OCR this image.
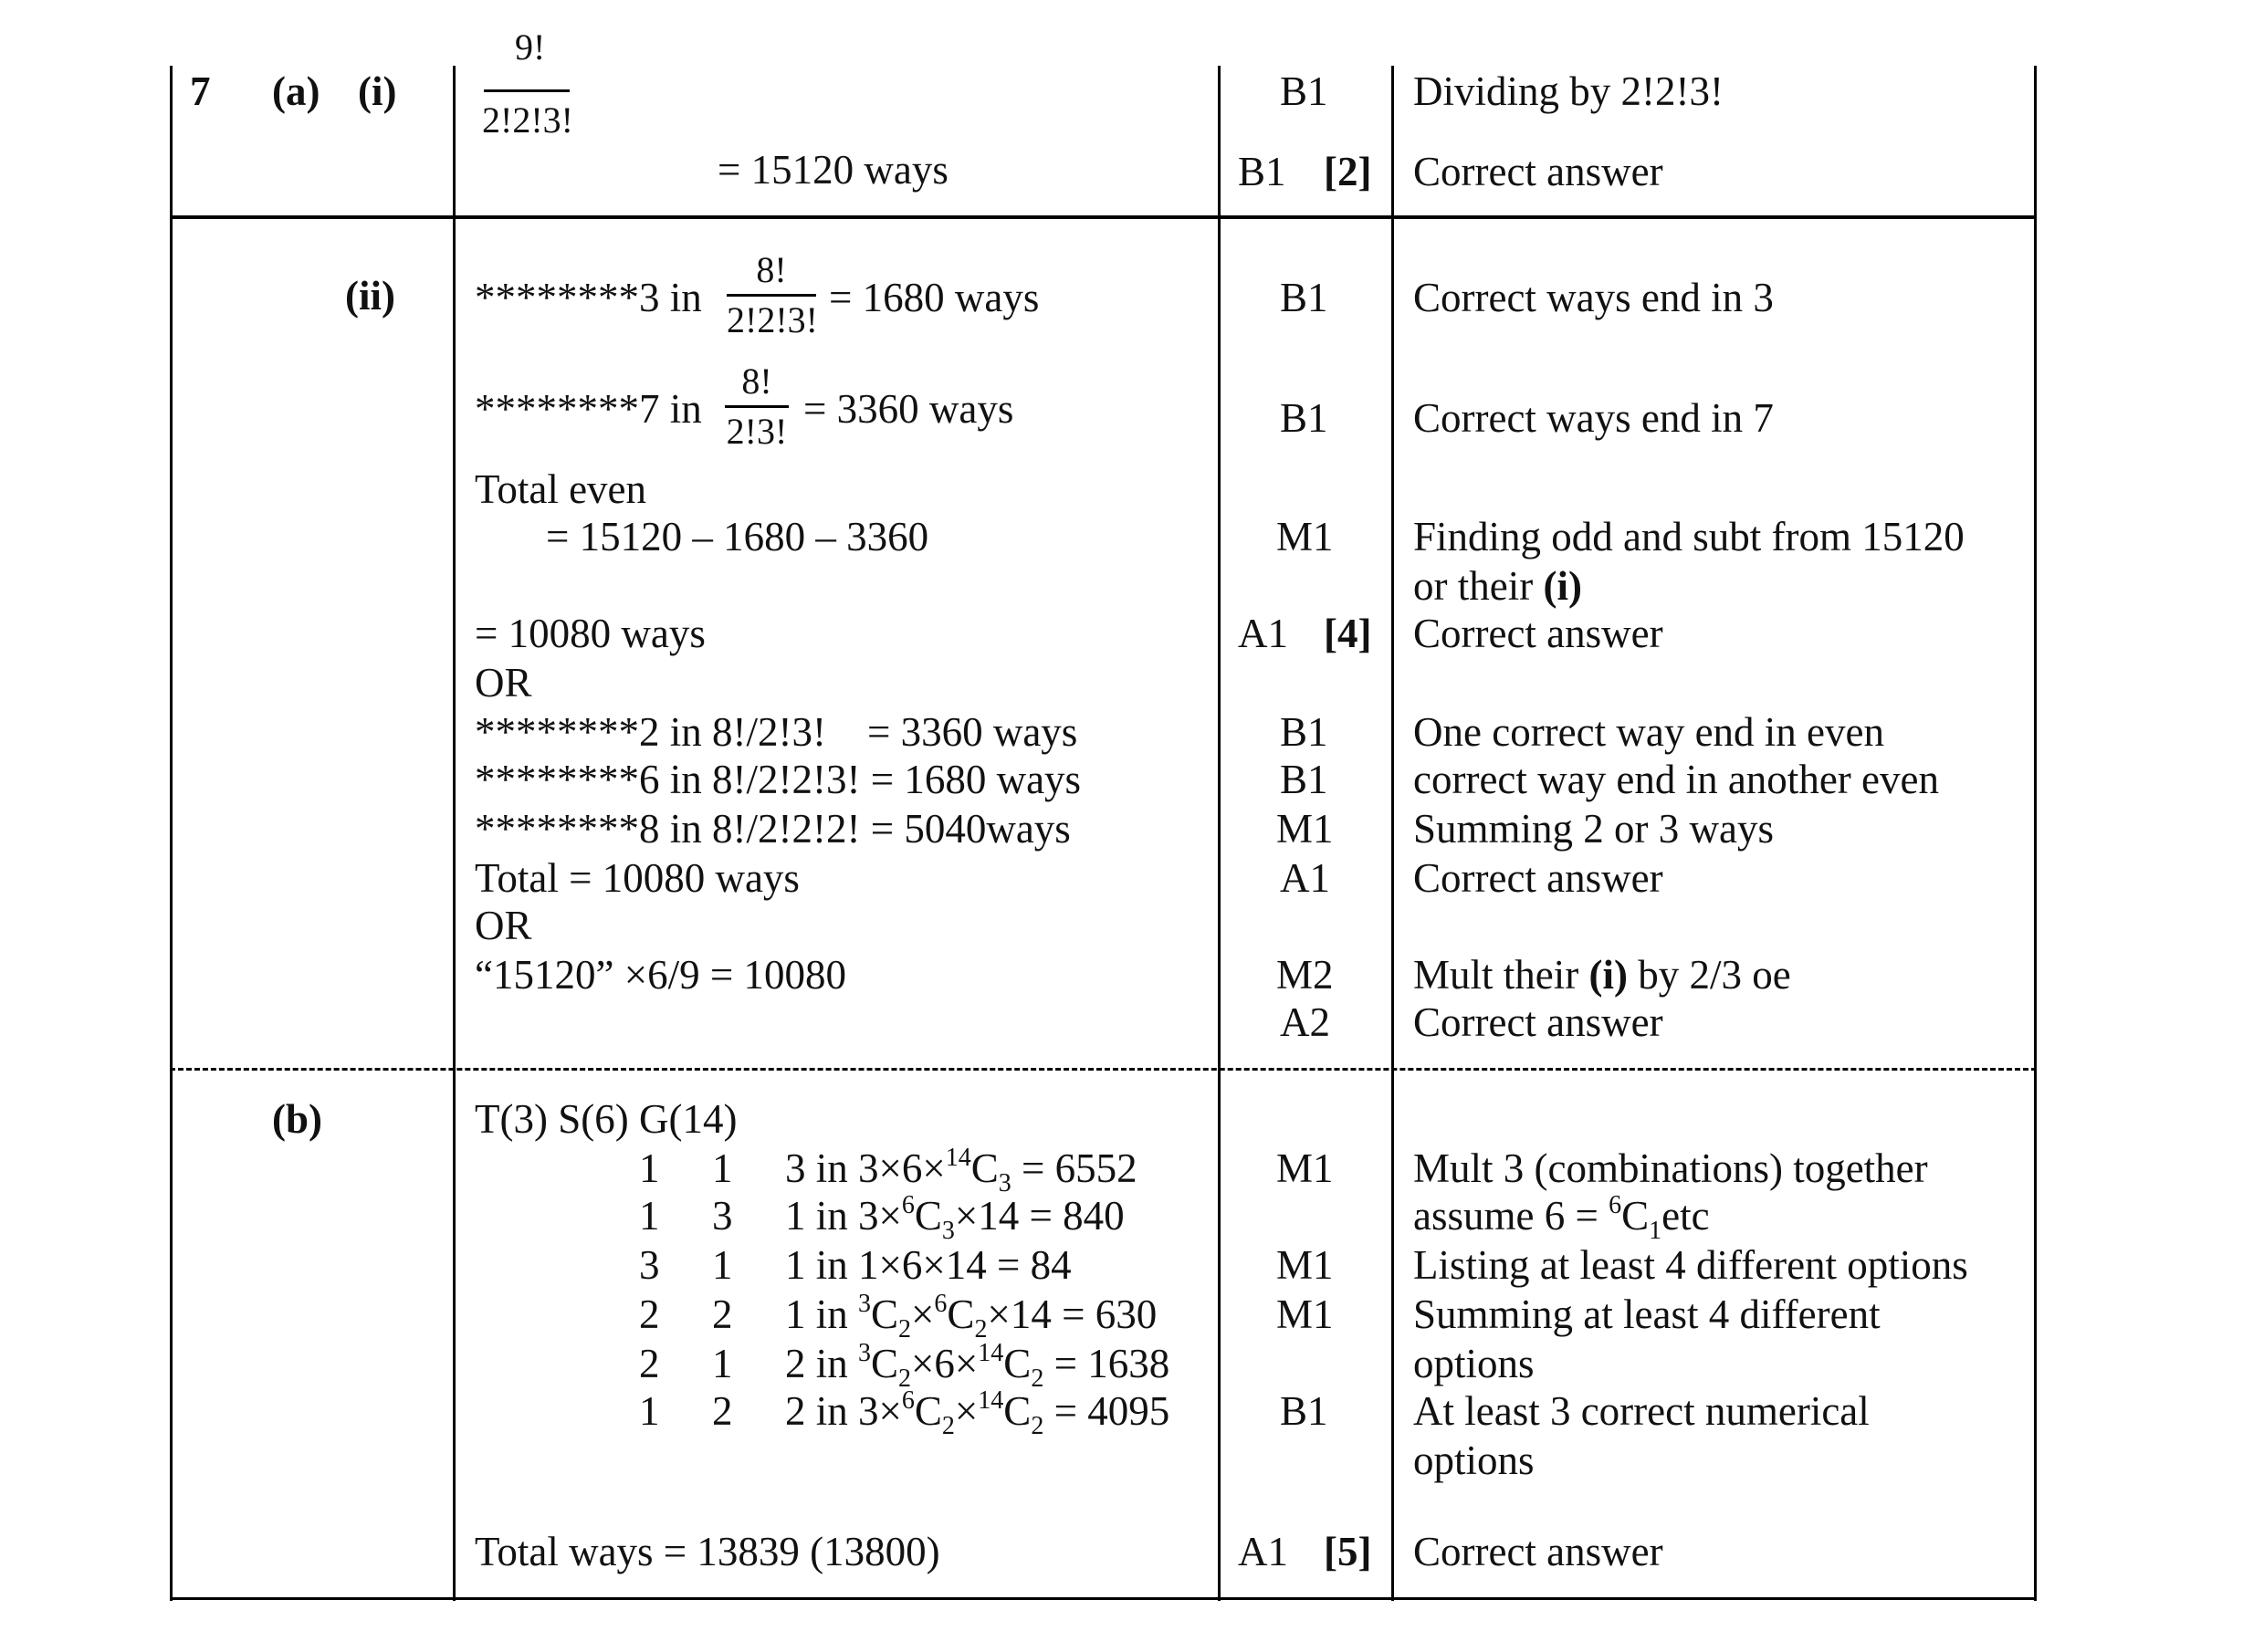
7 (a) (i)
(ii)
(b)
9!
2!2!3!
= 15120 ways
B1 Dividing by 2!2!3!
B1 [2] Correct answer
********3 in
8!
2!2!3! = 1680 ways
********7 in
8!
2!3! = 3360 ways
Total even
= 15120 – 1680 – 3360
= 10080 ways
OR
********2 in 8!/2!3!    = 3360 ways
********6 in 8!/2!2!3! = 1680 ways
********8 in 8!/2!2!2! = 5040ways
Total = 10080 ways
OR
“15120” ×6/9 = 10080
B1 Correct ways end in 3
B1 Correct ways end in 7
M1 Finding odd and subt from 15120
or their (i)
A1 [4] Correct answer
B1 One correct way end in even
B1 correct way end in another even
M1 Summing 2 or 3 ways
A1 Correct answer
M2 Mult their (i) by 2/3 oe
A2 Correct answer
T(3) S(6) G(14)
1 1 3 in $3\times 6\times^{14}C_3 = 6552$
1 3 1 in $3\times^6C_3\times 14 = 840$
3 1 1 in 1×6×14 = 84
2 2 1 in $^3C_2\times^6C_2\times 14 = 630$
2 1 2 in $^3C_2\times 6\times^{14}C_2 = 1638$
1 2 2 in $3\times^6C_2\times^{14}C_2 = 4095$
Total ways = 13839 (13800)
M1 Mult 3 (combinations) together
assume $6 = ^6C_1etc$
M1 Listing at least 4 different options
M1 Summing at least 4 different
options
B1 At least 3 correct numerical
options
A1 [5] Correct answer
